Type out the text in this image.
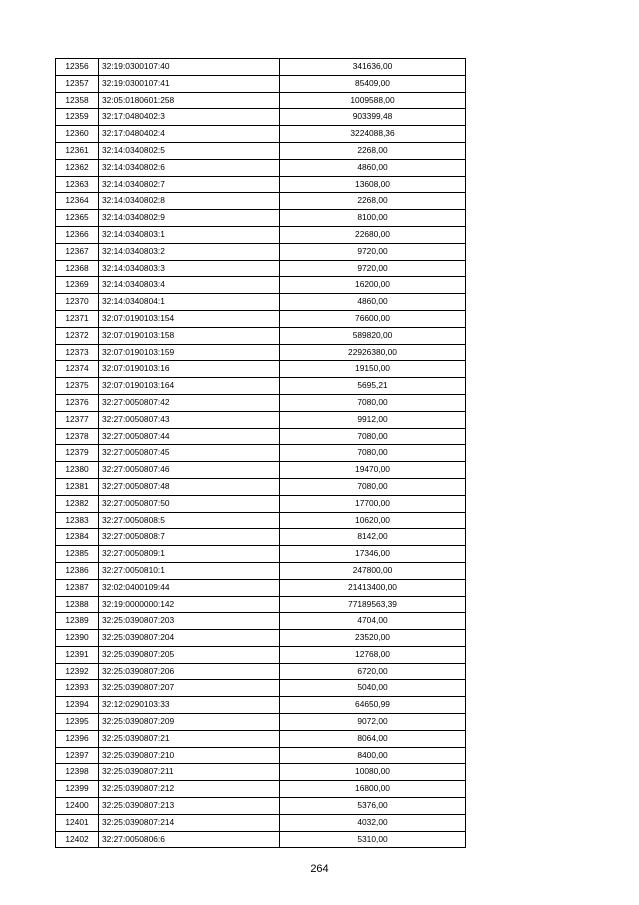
12356	32:19:0300107:40	341636,00
12357	32:19:0300107:41	85409,00
12358	32:05:0180601:258	1009588,00
12359	32:17:0480402:3	903399,48
12360	32:17:0480402:4	3224088,36
12361	32:14:0340802:5	2268,00
12362	32:14:0340802:6	4860,00
12363	32:14:0340802:7	13608,00
12364	32:14:0340802:8	2268,00
12365	32:14:0340802:9	8100,00
12366	32:14:0340803:1	22680,00
12367	32:14:0340803:2	9720,00
12368	32:14:0340803:3	9720,00
12369	32:14:0340803:4	16200,00
12370	32:14:0340804:1	4860,00
12371	32:07:0190103:154	76600,00
12372	32:07:0190103:158	589820,00
12373	32:07:0190103:159	22926380,00
12374	32:07:0190103:16	19150,00
12375	32:07:0190103:164	5695,21
12376	32:27:0050807:42	7080,00
12377	32:27:0050807:43	9912,00
12378	32:27:0050807:44	7080,00
12379	32:27:0050807:45	7080,00
12380	32:27:0050807:46	19470,00
12381	32:27:0050807:48	7080,00
12382	32:27:0050807:50	17700,00
12383	32:27:0050808:5	10620,00
12384	32:27:0050808:7	8142,00
12385	32:27:0050809:1	17346,00
12386	32:27:0050810:1	247800,00
12387	32:02:0400109:44	21413400,00
12388	32:19:0000000:142	77189563,39
12389	32:25:0390807:203	4704,00
12390	32:25:0390807:204	23520,00
12391	32:25:0390807:205	12768,00
12392	32:25:0390807:206	6720,00
12393	32:25:0390807:207	5040,00
12394	32:12:0290103:33	64650,99
12395	32:25:0390807:209	9072,00
12396	32:25:0390807:21	8064,00
12397	32:25:0390807:210	8400,00
12398	32:25:0390807:211	10080,00
12399	32:25:0390807:212	16800,00
12400	32:25:0390807:213	5376,00
12401	32:25:0390807:214	4032,00
12402	32:27:0050806:6	5310,00
264
